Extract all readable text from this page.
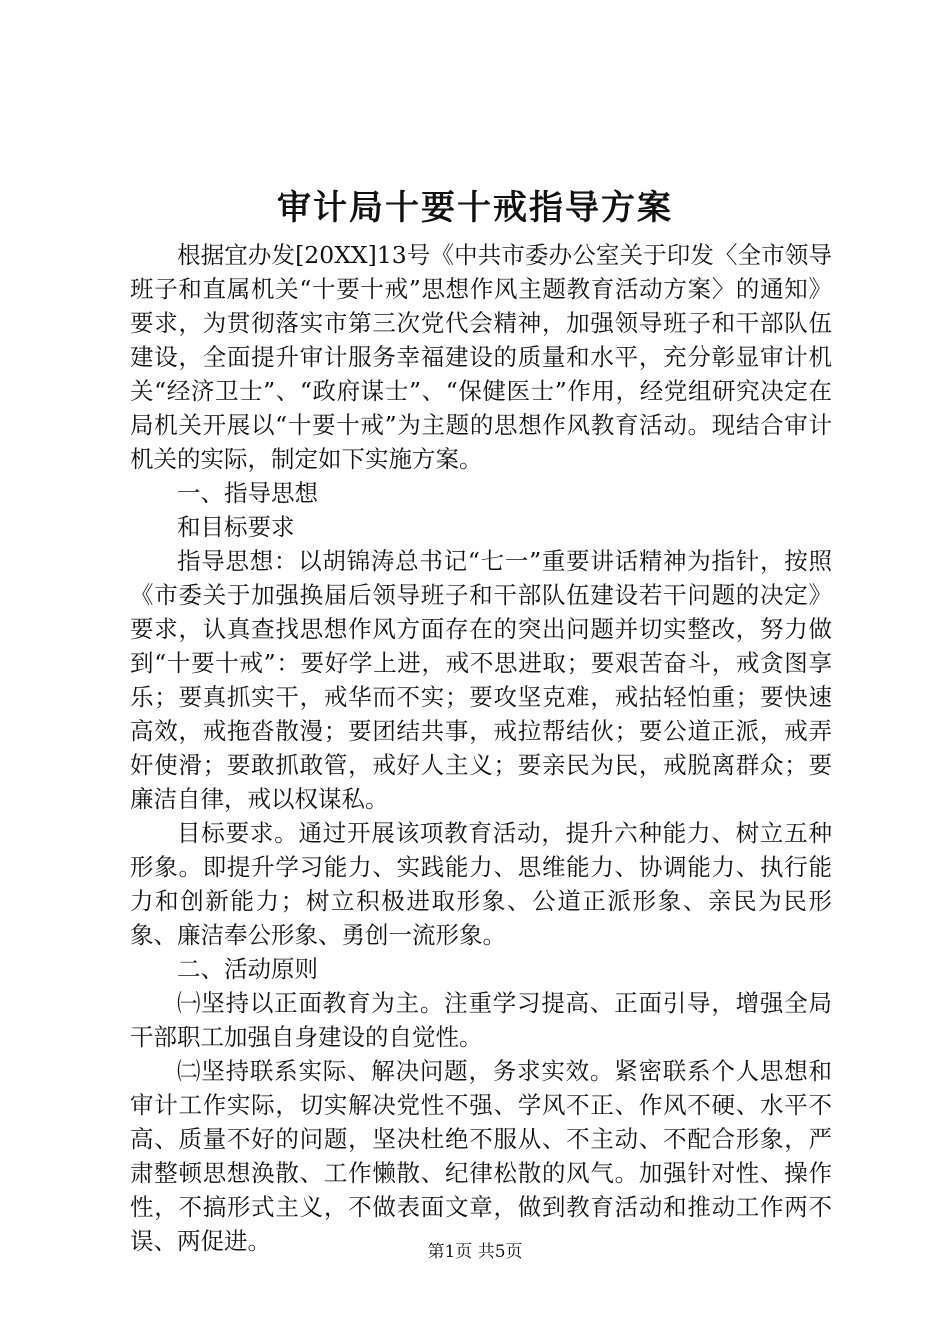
审计局十要十戒指导方案

根据宜办发[20XX]13号《中共市委办公室关于印发〈全市领导班子和直属机关“十要十戒”思想作风主题教育活动方案〉的通知》要求，为贯彻落实市第三次党代会精神，加强领导班子和干部队伍建设，全面提升审计服务幸福建设的质量和水平，充分彰显审计机关“经济卫士”、“政府谋士”、“保健医士”作用，经党组研究决定在局机关开展以“十要十戒”为主题的思想作风教育活动。现结合审计机关的实际，制定如下实施方案。

一、指导思想

和目标要求

指导思想：以胡锦涛总书记“七一”重要讲话精神为指针，按照《市委关于加强换届后领导班子和干部队伍建设若干问题的决定》要求，认真查找思想作风方面存在的突出问题并切实整改，努力做到“十要十戒”：要好学上进，戒不思进取；要艰苦奋斗，戒贪图享乐；要真抓实干，戒华而不实；要攻坚克难，戒拈轻怕重；要快速高效，戒拖沓散漫；要团结共事，戒拉帮结伙；要公道正派，戒弄奸使滑；要敢抓敢管，戒好人主义；要亲民为民，戒脱离群众；要廉洁自律，戒以权谋私。

目标要求。通过开展该项教育活动，提升六种能力、树立五种形象。即提升学习能力、实践能力、思维能力、协调能力、执行能力和创新能力；树立积极进取形象、公道正派形象、亲民为民形象、廉洁奉公形象、勇创一流形象。

二、活动原则

㈠坚持以正面教育为主。注重学习提高、正面引导，增强全局干部职工加强自身建设的自觉性。

㈡坚持联系实际、解决问题，务求实效。紧密联系个人思想和审计工作实际，切实解决党性不强、学风不正、作风不硬、水平不高、质量不好的问题，坚决杜绝不服从、不主动、不配合形象，严肃整顿思想涣散、工作懒散、纪律松散的风气。加强针对性、操作性，不搞形式主义，不做表面文章，做到教育活动和推动工作两不误、两促进。	第1页 共5页
